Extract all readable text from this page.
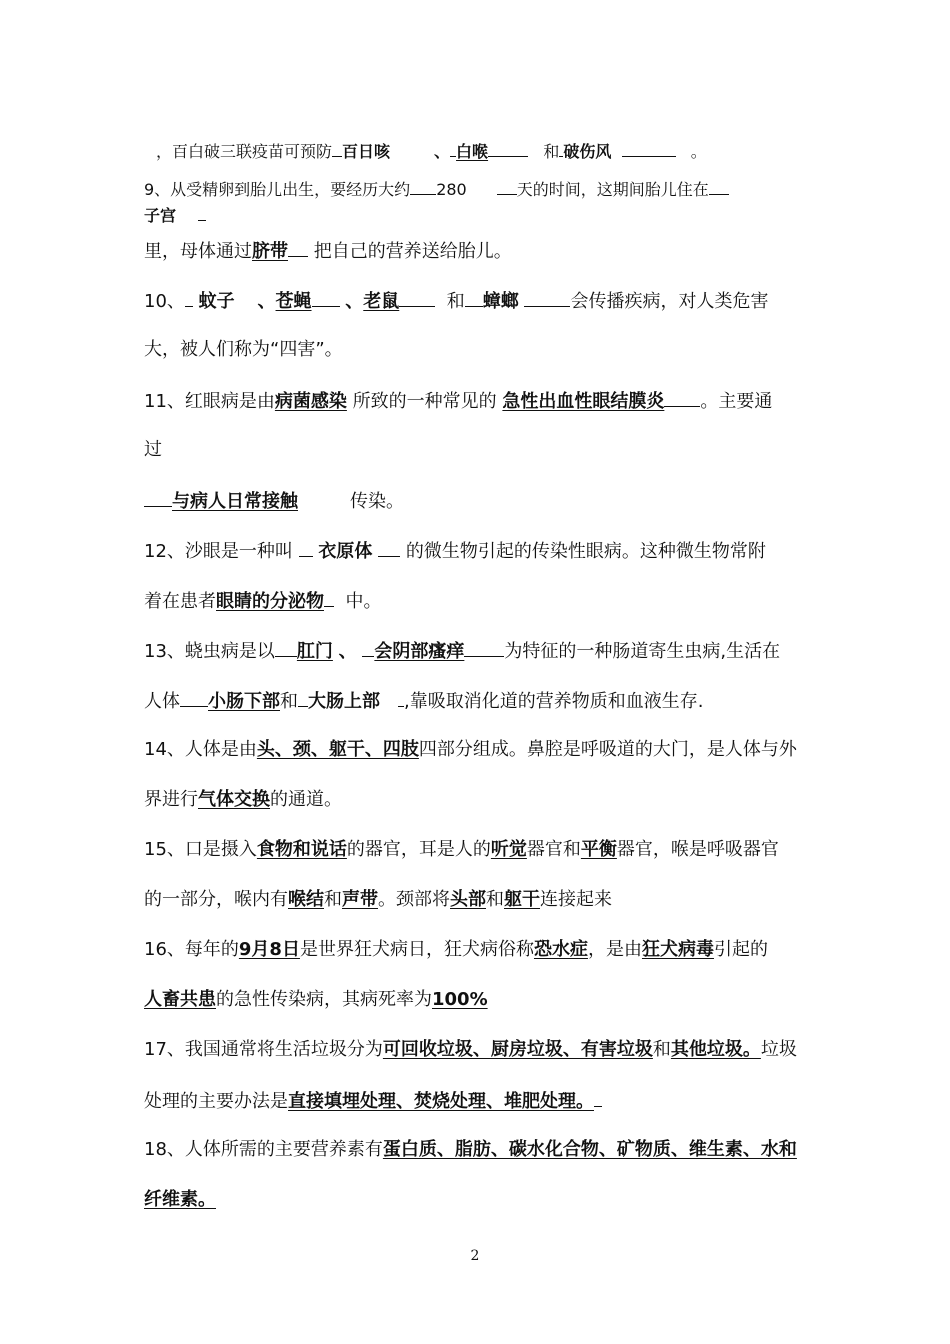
，百白破三联疫苗可预防 百日咳	、 白喉	和 破伤风	。
9、从受精卵到胎儿出生，要经历大约 280	天的时间，这期间胎儿住在
子宫
里，母体通过脐带 把自己的营养送给胎儿。
10、 蚊子 、苍蝇 、老鼠	和 蟑螂	会传播疾病，对人类危害
大，被人们称为“四害”。
11、红眼病是由病菌感染 所致的一种常见的 急性出血性眼结膜炎 。主要通
过
与病人日常接触	传染。
12、沙眼是一种叫 衣原体 的微生物引起的传染性眼病。这种微生物常附
着在患者眼睛的分泌物 中。
13、蛲虫病是以 肛门 、 会阴部瘙痒 为特征的一种肠道寄生虫病,生活在
人体 小肠下部和 大肠上部 ,靠吸取消化道的营养物质和血液生存.
14、人体是由头、颈、躯干、四肢四部分组成。鼻腔是呼吸道的大门，是人体与外
界进行气体交换的通道。
15、口是摄入食物和说话的器官，耳是人的听觉器官和平衡器官，喉是呼吸器官
的一部分，喉内有喉结和声带。颈部将头部和躯干连接起来
16、每年的9月8日是世界狂犬病日，狂犬病俗称恐水症，是由狂犬病毒引起的
人畜共患的急性传染病，其病死率为100%
17、我国通常将生活垃圾分为可回收垃圾、厨房垃圾、有害垃圾和其他垃圾。垃圾
处理的主要办法是直接填埋处理、焚烧处理、堆肥处理。
18、人体所需的主要营养素有蛋白质、脂肪、碳水化合物、矿物质、维生素、水和
纤维素。
2
